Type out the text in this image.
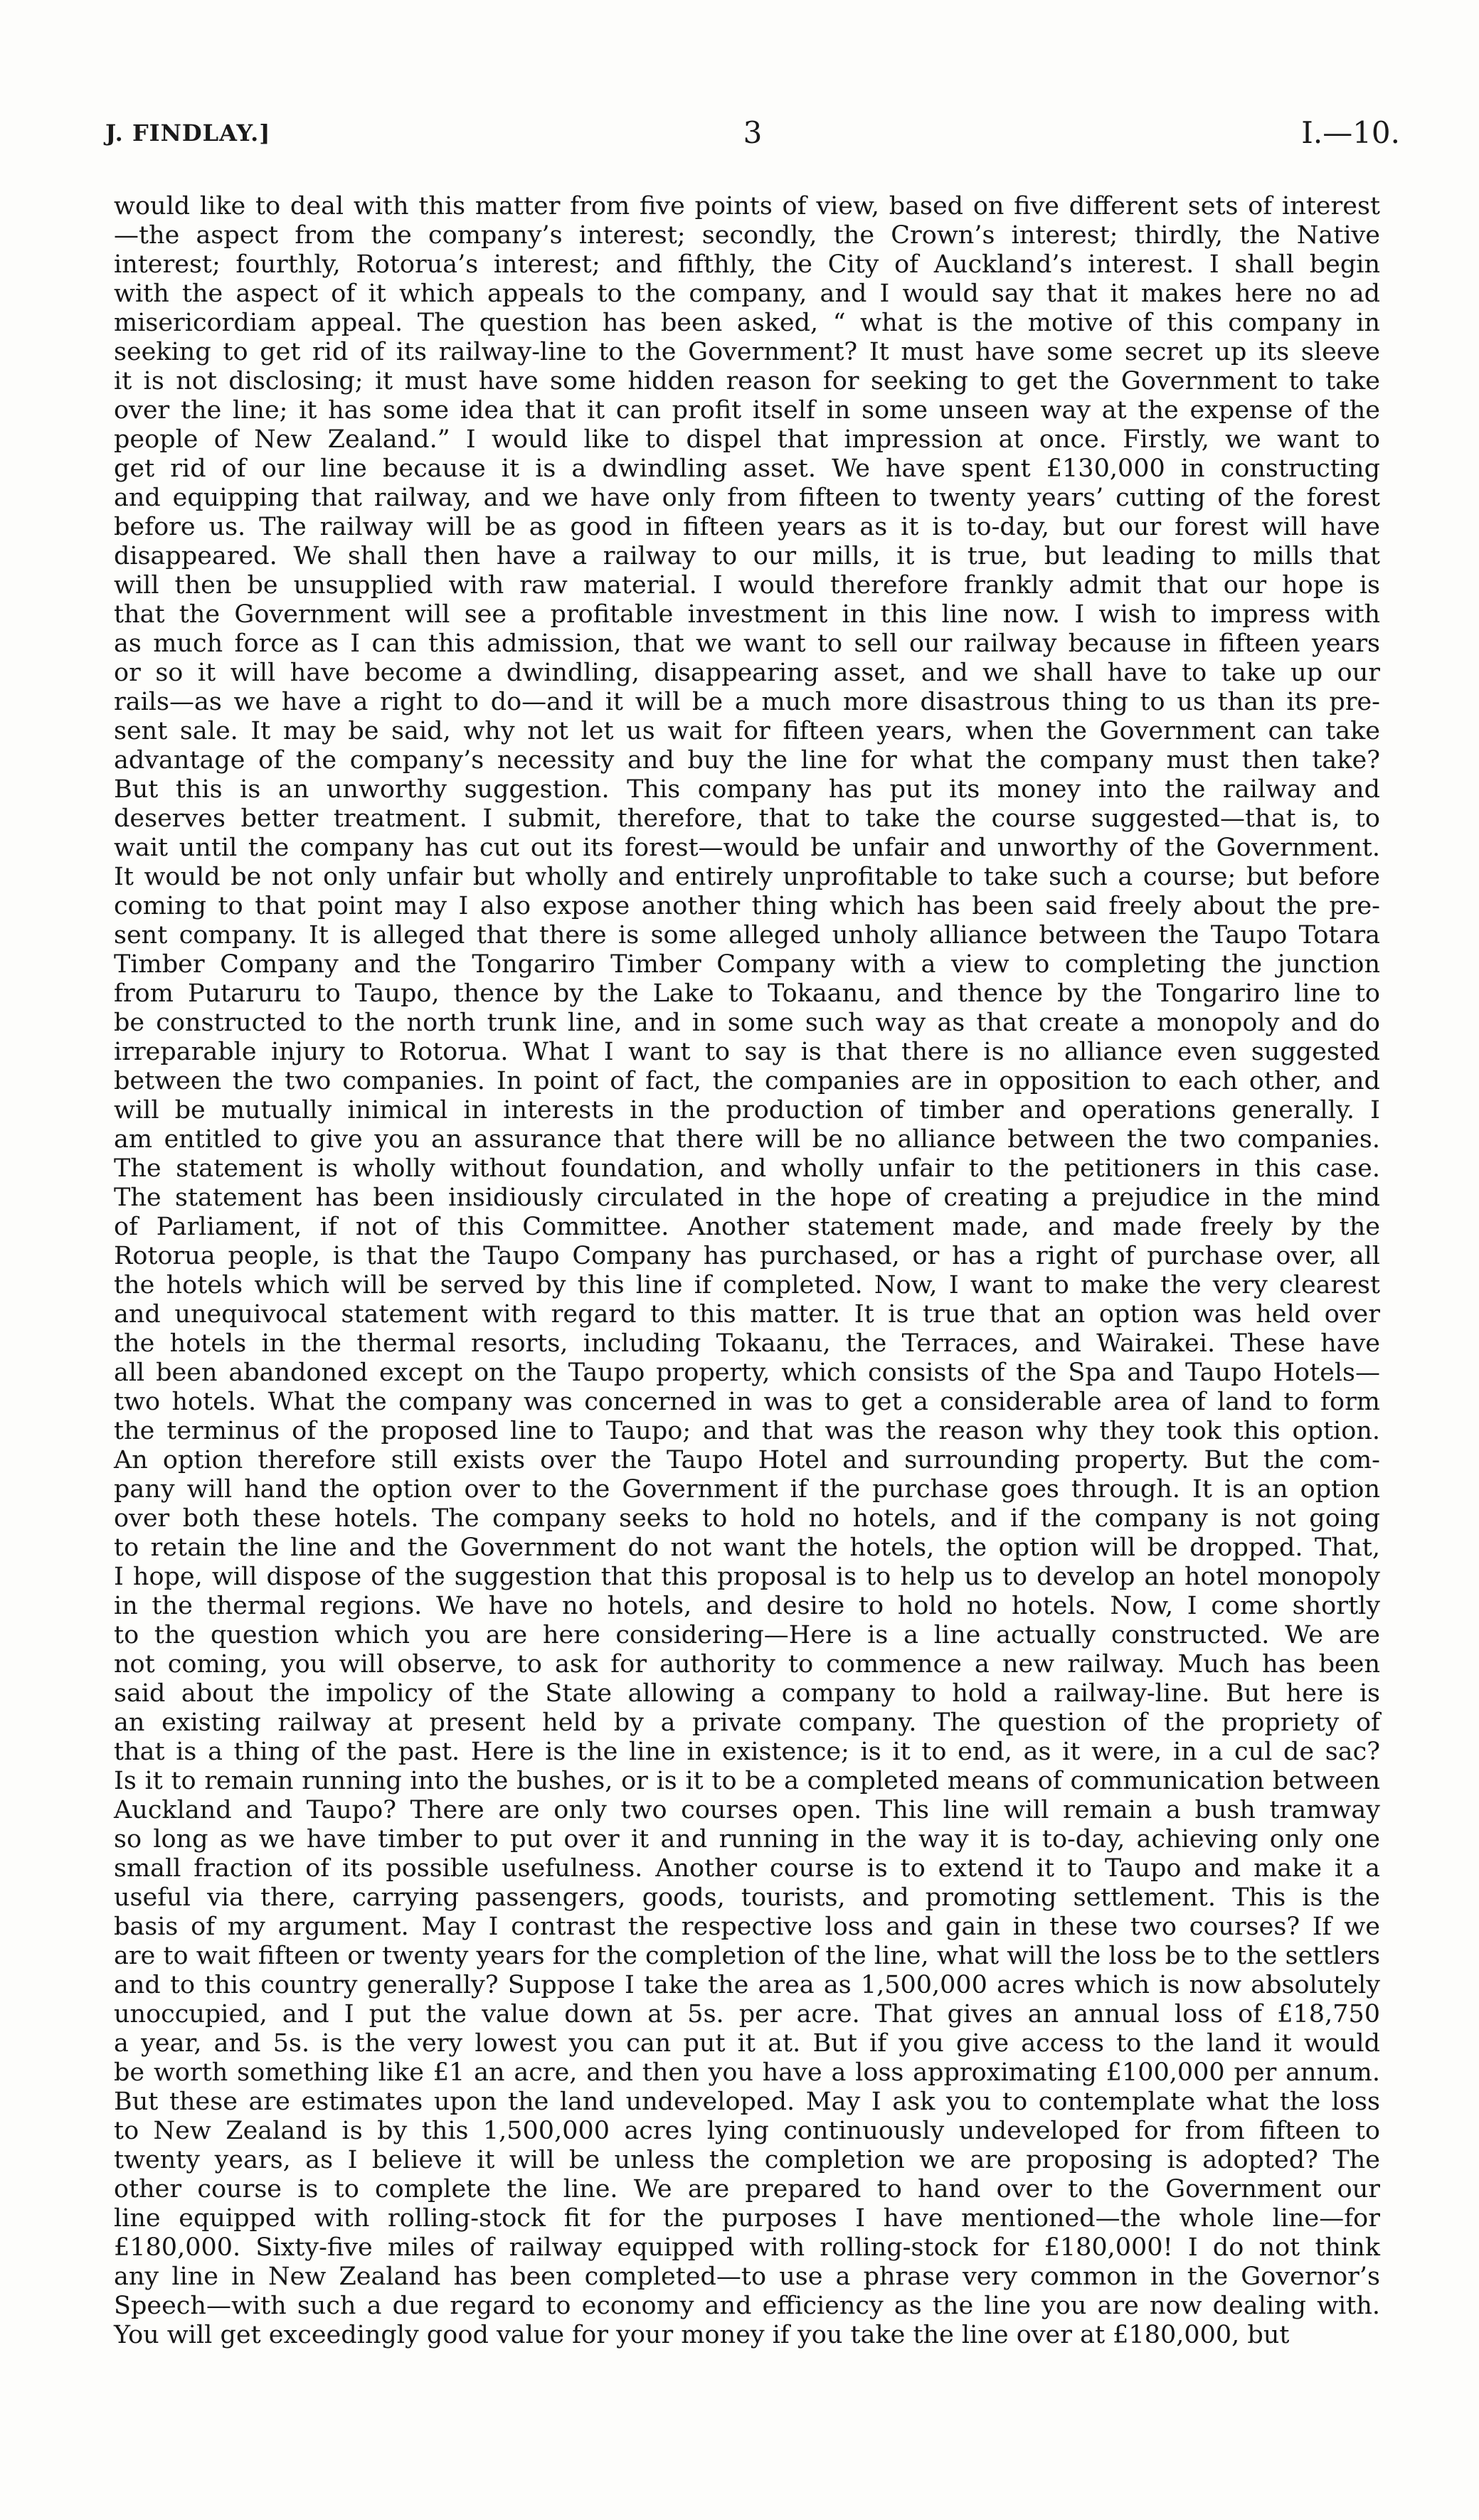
J. FINDLAY.]	3	I.—10.
would like to deal with this matter from five points of view, based on five different sets of interest
—the aspect from the company’s interest; secondly, the Crown’s interest; thirdly, the Native
interest; fourthly, Rotorua’s interest; and fifthly, the City of Auckland’s interest. I shall begin
with the aspect of it which appeals to the company, and I would say that it makes here no ad
misericordiam appeal. The question has been asked, “ what is the motive of this company in
seeking to get rid of its railway-line to the Government? It must have some secret up its sleeve
it is not disclosing; it must have some hidden reason for seeking to get the Government to take
over the line; it has some idea that it can profit itself in some unseen way at the expense of the
people of New Zealand.” I would like to dispel that impression at once. Firstly, we want to
get rid of our line because it is a dwindling asset. We have spent £130,000 in constructing
and equipping that railway, and we have only from fifteen to twenty years’ cutting of the forest
before us. The railway will be as good in fifteen years as it is to-day, but our forest will have
disappeared. We shall then have a railway to our mills, it is true, but leading to mills that
will then be unsupplied with raw material. I would therefore frankly admit that our hope is
that the Government will see a profitable investment in this line now. I wish to impress with
as much force as I can this admission, that we want to sell our railway because in fifteen years
or so it will have become a dwindling, disappearing asset, and we shall have to take up our
rails—as we have a right to do—and it will be a much more disastrous thing to us than its pre-
sent sale. It may be said, why not let us wait for fifteen years, when the Government can take
advantage of the company’s necessity and buy the line for what the company must then take?
But this is an unworthy suggestion. This company has put its money into the railway and
deserves better treatment. I submit, therefore, that to take the course suggested—that is, to
wait until the company has cut out its forest—would be unfair and unworthy of the Government.
It would be not only unfair but wholly and entirely unprofitable to take such a course; but before
coming to that point may I also expose another thing which has been said freely about the pre-
sent company. It is alleged that there is some alleged unholy alliance between the Taupo Totara
Timber Company and the Tongariro Timber Company with a view to completing the junction
from Putaruru to Taupo, thence by the Lake to Tokaanu, and thence by the Tongariro line to
be constructed to the north trunk line, and in some such way as that create a monopoly and do
irreparable injury to Rotorua. What I want to say is that there is no alliance even suggested
between the two companies. In point of fact, the companies are in opposition to each other, and
will be mutually inimical in interests in the production of timber and operations generally. I
am entitled to give you an assurance that there will be no alliance between the two companies.
The statement is wholly without foundation, and wholly unfair to the petitioners in this case.
The statement has been insidiously circulated in the hope of creating a prejudice in the mind
of Parliament, if not of this Committee. Another statement made, and made freely by the
Rotorua people, is that the Taupo Company has purchased, or has a right of purchase over, all
the hotels which will be served by this line if completed. Now, I want to make the very clearest
and unequivocal statement with regard to this matter. It is true that an option was held over
the hotels in the thermal resorts, including Tokaanu, the Terraces, and Wairakei. These have
all been abandoned except on the Taupo property, which consists of the Spa and Taupo Hotels—
two hotels. What the company was concerned in was to get a considerable area of land to form
the terminus of the proposed line to Taupo; and that was the reason why they took this option.
An option therefore still exists over the Taupo Hotel and surrounding property. But the com-
pany will hand the option over to the Government if the purchase goes through. It is an option
over both these hotels. The company seeks to hold no hotels, and if the company is not going
to retain the line and the Government do not want the hotels, the option will be dropped. That,
I hope, will dispose of the suggestion that this proposal is to help us to develop an hotel monopoly
in the thermal regions. We have no hotels, and desire to hold no hotels. Now, I come shortly
to the question which you are here considering—Here is a line actually constructed. We are
not coming, you will observe, to ask for authority to commence a new railway. Much has been
said about the impolicy of the State allowing a company to hold a railway-line. But here is
an existing railway at present held by a private company. The question of the propriety of
that is a thing of the past. Here is the line in existence; is it to end, as it were, in a cul de sac?
Is it to remain running into the bushes, or is it to be a completed means of communication between
Auckland and Taupo? There are only two courses open. This line will remain a bush tramway
so long as we have timber to put over it and running in the way it is to-day, achieving only one
small fraction of its possible usefulness. Another course is to extend it to Taupo and make it a
useful via there, carrying passengers, goods, tourists, and promoting settlement. This is the
basis of my argument. May I contrast the respective loss and gain in these two courses? If we
are to wait fifteen or twenty years for the completion of the line, what will the loss be to the settlers
and to this country generally? Suppose I take the area as 1,500,000 acres which is now absolutely
unoccupied, and I put the value down at 5s. per acre. That gives an annual loss of £18,750
a year, and 5s. is the very lowest you can put it at. But if you give access to the land it would
be worth something like £1 an acre, and then you have a loss approximating £100,000 per annum.
But these are estimates upon the land undeveloped. May I ask you to contemplate what the loss
to New Zealand is by this 1,500,000 acres lying continuously undeveloped for from fifteen to
twenty years, as I believe it will be unless the completion we are proposing is adopted? The
other course is to complete the line. We are prepared to hand over to the Government our
line equipped with rolling-stock fit for the purposes I have mentioned—the whole line—for
£180,000. Sixty-five miles of railway equipped with rolling-stock for £180,000! I do not think
any line in New Zealand has been completed—to use a phrase very common in the Governor’s
Speech—with such a due regard to economy and efficiency as the line you are now dealing with.
You will get exceedingly good value for your money if you take the line over at £180,000, but
